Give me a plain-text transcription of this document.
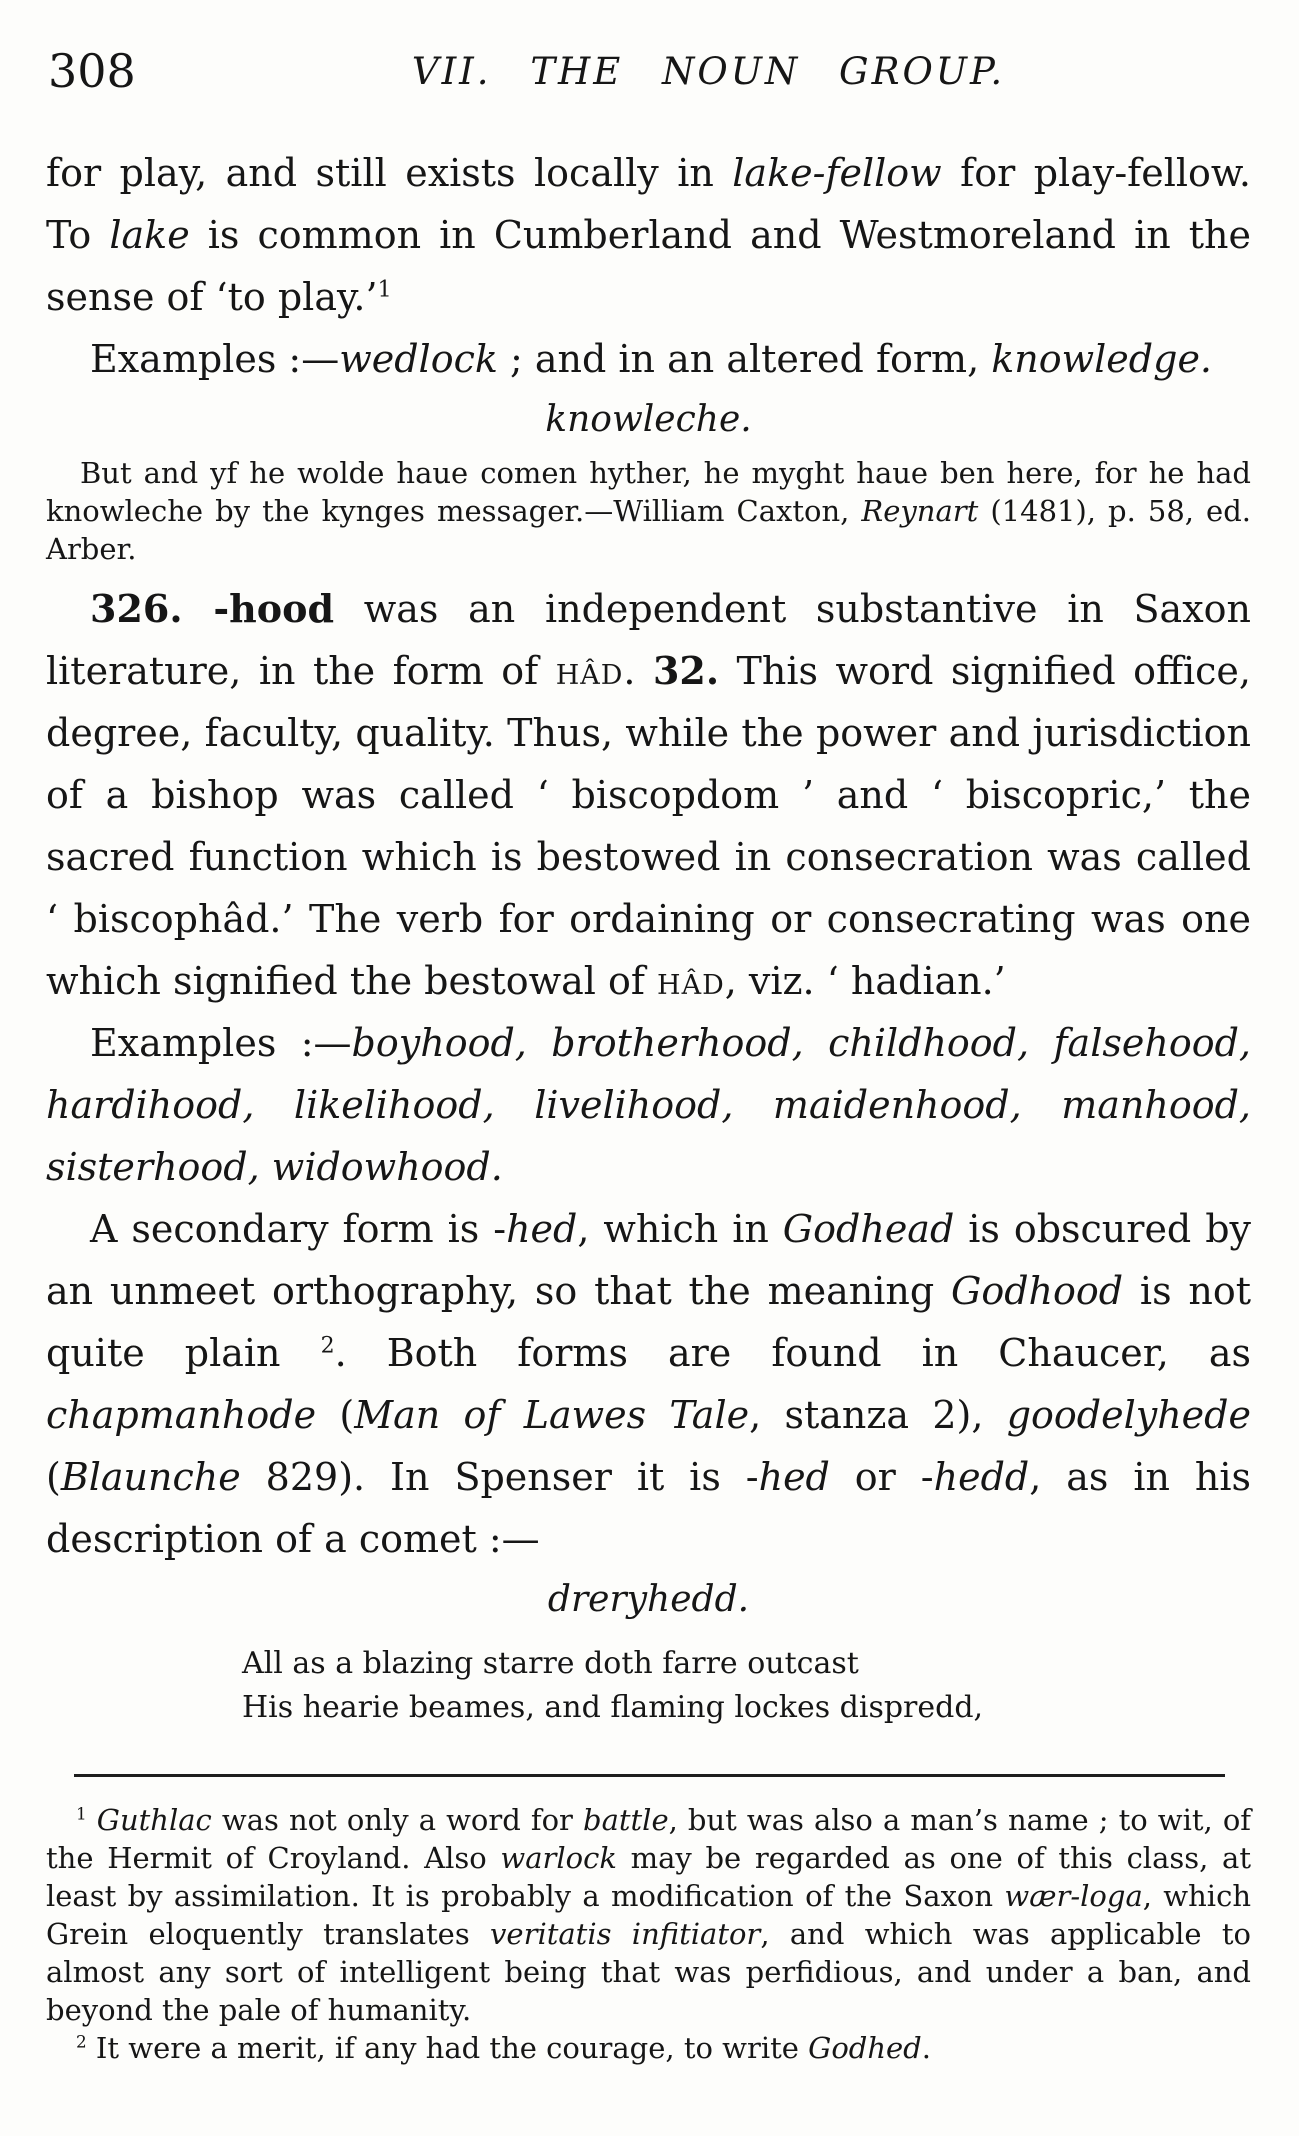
308	VII. THE NOUN GROUP.

for play, and still exists locally in lake-fellow for play-fellow. To lake is common in Cumberland and Westmoreland in the sense of ‘to play.’$^1$

Examples :—wedlock ; and in an altered form, knowledge.

knowleche.

But and yf he wolde haue comen hyther, he myght haue ben here, for he had knowleche by the kynges messager.—William Caxton, Reynart (1481), p. 58, ed. Arber.

326. -hood was an independent substantive in Saxon literature, in the form of hâd. 32. This word signified office, degree, faculty, quality. Thus, while the power and jurisdiction of a bishop was called ‘ biscopdom ’ and ‘ biscopric,’ the sacred function which is bestowed in consecration was called ‘ biscophâd.’ The verb for ordaining or consecrating was one which signified the bestowal of hâd, viz. ‘ hadian.’

Examples :—boyhood, brotherhood, childhood, falsehood, hardihood, likelihood, livelihood, maidenhood, manhood, sisterhood, widowhood.

A secondary form is -hed, which in Godhead is obscured by an unmeet orthography, so that the meaning Godhood is not quite plain $^2$. Both forms are found in Chaucer, as chapmanhode (Man of Lawes Tale, stanza 2), goodelyhede (Blaunche 829). In Spenser it is -hed or -hedd, as in his description of a comet :—

dreryhedd.

All as a blazing starre doth farre outcast
His hearie beames, and flaming lockes dispredd,

$^1$ Guthlac was not only a word for battle, but was also a man’s name ; to wit, of the Hermit of Croyland. Also warlock may be regarded as one of this class, at least by assimilation. It is probably a modification of the Saxon wær-loga, which Grein eloquently translates veritatis infitiator, and which was applicable to almost any sort of intelligent being that was perfidious, and under a ban, and beyond the pale of humanity.

$^2$ It were a merit, if any had the courage, to write Godhed.
